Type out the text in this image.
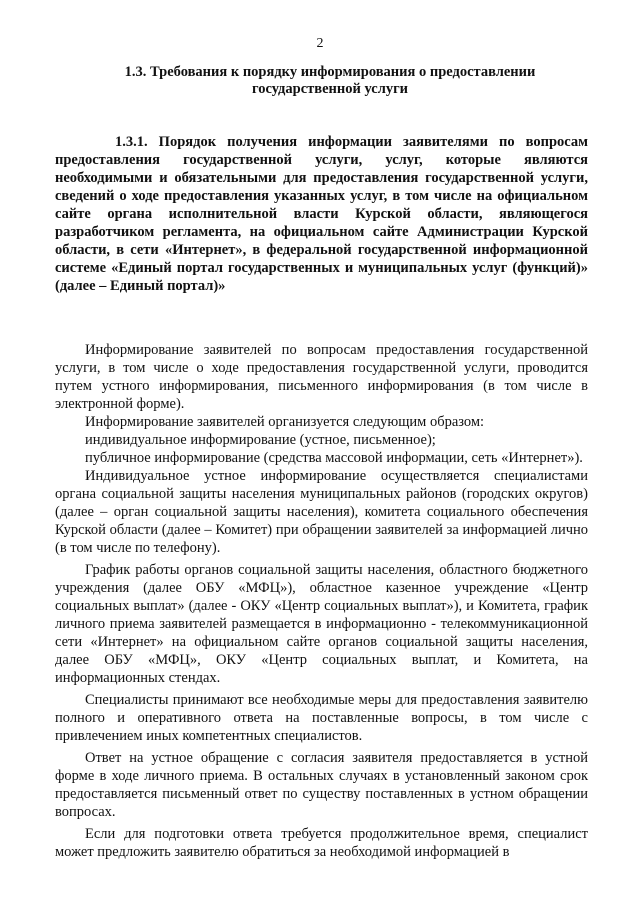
2
1.3. Требования к порядку информирования о предоставлении государственной услуги
1.3.1. Порядок получения информации заявителями по вопросам предоставления государственной услуги, услуг, которые являются необходимыми и обязательными для предоставления государственной услуги, сведений о ходе предоставления указанных услуг, в том числе на официальном сайте органа исполнительной власти Курской области, являющегося разработчиком регламента, на официальном сайте Администрации Курской области, в сети «Интернет», в федеральной государственной информационной системе «Единый портал государственных и муниципальных услуг (функций)» (далее – Единый портал)»

Информирование заявителей по вопросам предоставления государственной услуги, в том числе о ходе предоставления государственной услуги, проводится путем устного информирования, письменного информирования (в том числе в электронной форме).

Информирование заявителей организуется следующим образом:

индивидуальное информирование (устное, письменное);

публичное информирование (средства массовой информации, сеть «Интернет»).

Индивидуальное устное информирование осуществляется специалистами органа социальной защиты населения муниципальных районов (городских округов) (далее – орган социальной защиты населения), комитета социального обеспечения Курской области (далее – Комитет) при обращении заявителей за информацией лично (в том числе по телефону).

График работы органов социальной защиты населения, областного бюджетного учреждения (далее ОБУ «МФЦ»), областное казенное учреждение «Центр социальных выплат» (далее - ОКУ «Центр социальных выплат»), и Комитета, график личного приема заявителей размещается в информационно - телекоммуникационной сети «Интернет» на официальном сайте органов социальной защиты населения, далее ОБУ «МФЦ», ОКУ «Центр социальных выплат, и Комитета, на информационных стендах.

Специалисты принимают все необходимые меры для предоставления заявителю полного и оперативного ответа на поставленные вопросы, в том числе с привлечением иных компетентных специалистов.

Ответ на устное обращение с согласия заявителя предоставляется в устной форме в ходе личного приема. В остальных случаях в установленный законом срок предоставляется письменный ответ по существу поставленных в устном обращении вопросах.

Если для подготовки ответа требуется продолжительное время, специалист может предложить заявителю обратиться за необходимой информацией в
